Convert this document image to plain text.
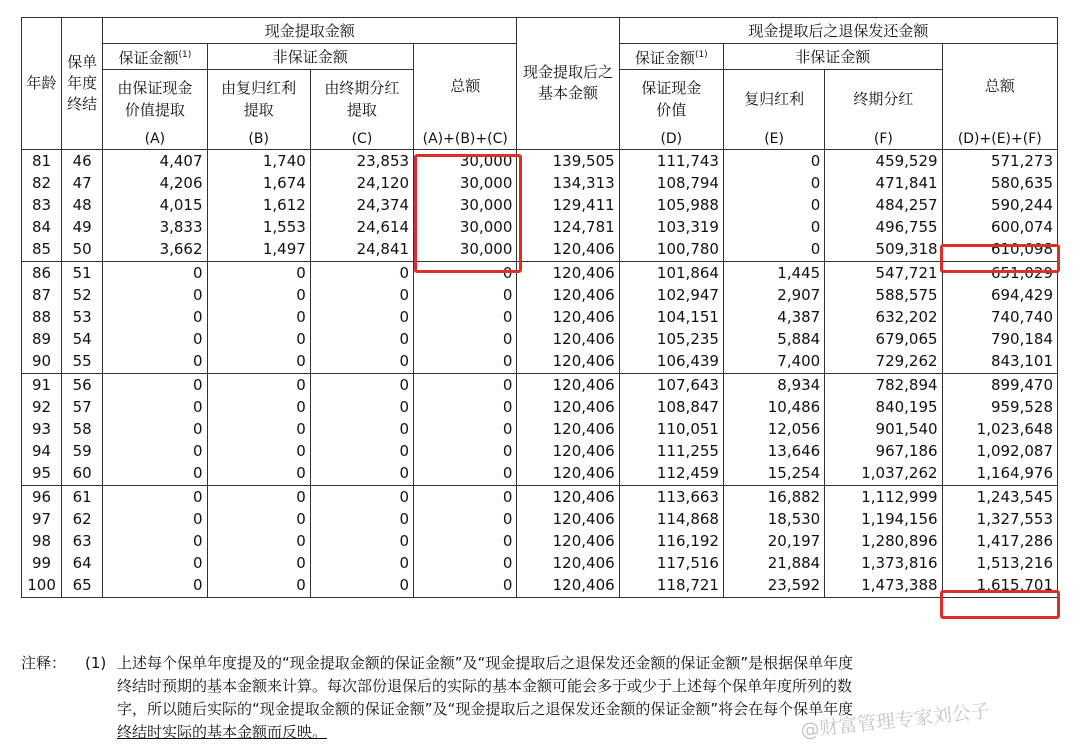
年龄	保单年度终结	现金提取金额				现金提取后之基本金额	现金提取后之退保发还金额			
		保证金额$^{(1)}$	非保证金额		总额		保证金额$^{(1)}$	非保证金额		总额

		由保证现金价值提取	由复归红利提取	由终期分红提取			保证现金价值	复归红利	终期分红	
		(A)	(B)	(C)	(A)+(B)+(C)		(D)	(E)	(F)	(D)+(E)+(F)
81	46	4,407	1,740	23,853	30,000	139,505	111,743	0	459,529	571,273
82	47	4,206	1,674	24,120	30,000	134,313	108,794	0	471,841	580,635
83	48	4,015	1,612	24,374	30,000	129,411	105,988	0	484,257	590,244
84	49	3,833	1,553	24,614	30,000	124,781	103,319	0	496,755	600,074
85	50	3,662	1,497	24,841	30,000	120,406	100,780	0	509,318	610,098
86	51	0	0	0	0	120,406	101,864	1,445	547,721	651,029
87	52	0	0	0	0	120,406	102,947	2,907	588,575	694,429
88	53	0	0	0	0	120,406	104,151	4,387	632,202	740,740
89	54	0	0	0	0	120,406	105,235	5,884	679,065	790,184
90	55	0	0	0	0	120,406	106,439	7,400	729,262	843,101
91	56	0	0	0	0	120,406	107,643	8,934	782,894	899,470
92	57	0	0	0	0	120,406	108,847	10,486	840,195	959,528
93	58	0	0	0	0	120,406	110,051	12,056	901,540	1,023,648
94	59	0	0	0	0	120,406	111,255	13,646	967,186	1,092,087
95	60	0	0	0	0	120,406	112,459	15,254	1,037,262	1,164,976
96	61	0	0	0	0	120,406	113,663	16,882	1,112,999	1,243,545
97	62	0	0	0	0	120,406	114,868	18,530	1,194,156	1,327,553
98	63	0	0	0	0	120,406	116,192	20,197	1,280,896	1,417,286
99	64	0	0	0	0	120,406	117,516	21,884	1,373,816	1,513,216
100	65	0	0	0	0	120,406	118,721	23,592	1,473,388	1,615,701
注释：	(1) 上述每个保单年度提及的“现金提取金额的保证金额”及“现金提取后之退保发还金额的保证金额”是根据保单年度
终结时预期的基本金额来计算。每次部份退保后的实际的基本金额可能会多于或少于上述每个保单年度所列的数
字，所以随后实际的“现金提取金额的保证金额”及“现金提取后之退保发还金额的保证金额”将会在每个保单年度
终结时实际的基本金额而反映。	@财富管理专家刘公子
